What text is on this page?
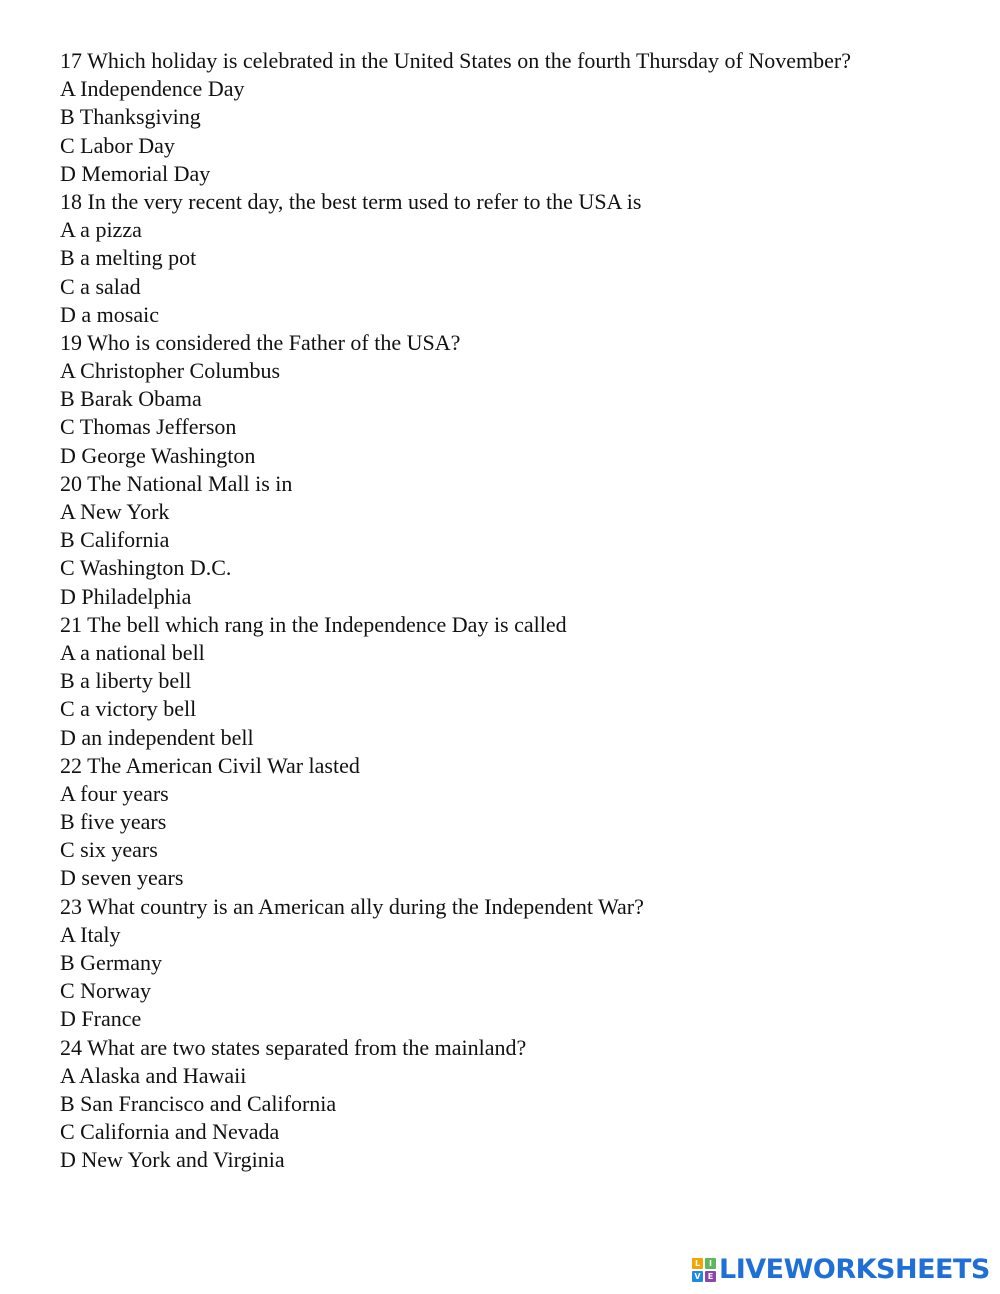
17 Which holiday is celebrated in the United States on the fourth Thursday of November?
A Independence Day
B Thanksgiving
C Labor Day
D Memorial Day
18 In the very recent day, the best term used to refer to the USA is
A a pizza
B a melting pot
C a salad
D a mosaic
19 Who is considered the Father of the USA?
A Christopher Columbus
B Barak Obama
C Thomas Jefferson
D George Washington
20 The National Mall is in
A New York
B California
C Washington D.C.
D Philadelphia
21 The bell which rang in the Independence Day is called
A a national bell
B a liberty bell
C a victory bell
D an independent bell
22 The American Civil War lasted
A four years
B five years
C six years
D seven years
23 What country is an American ally during the Independent War?
A Italy
B Germany
C Norway
D France
24 What are two states separated from the mainland?
A Alaska and Hawaii
B San Francisco and California
C California and Nevada
D New York and Virginia
L	I
V E LIVEWORKSHEETS
